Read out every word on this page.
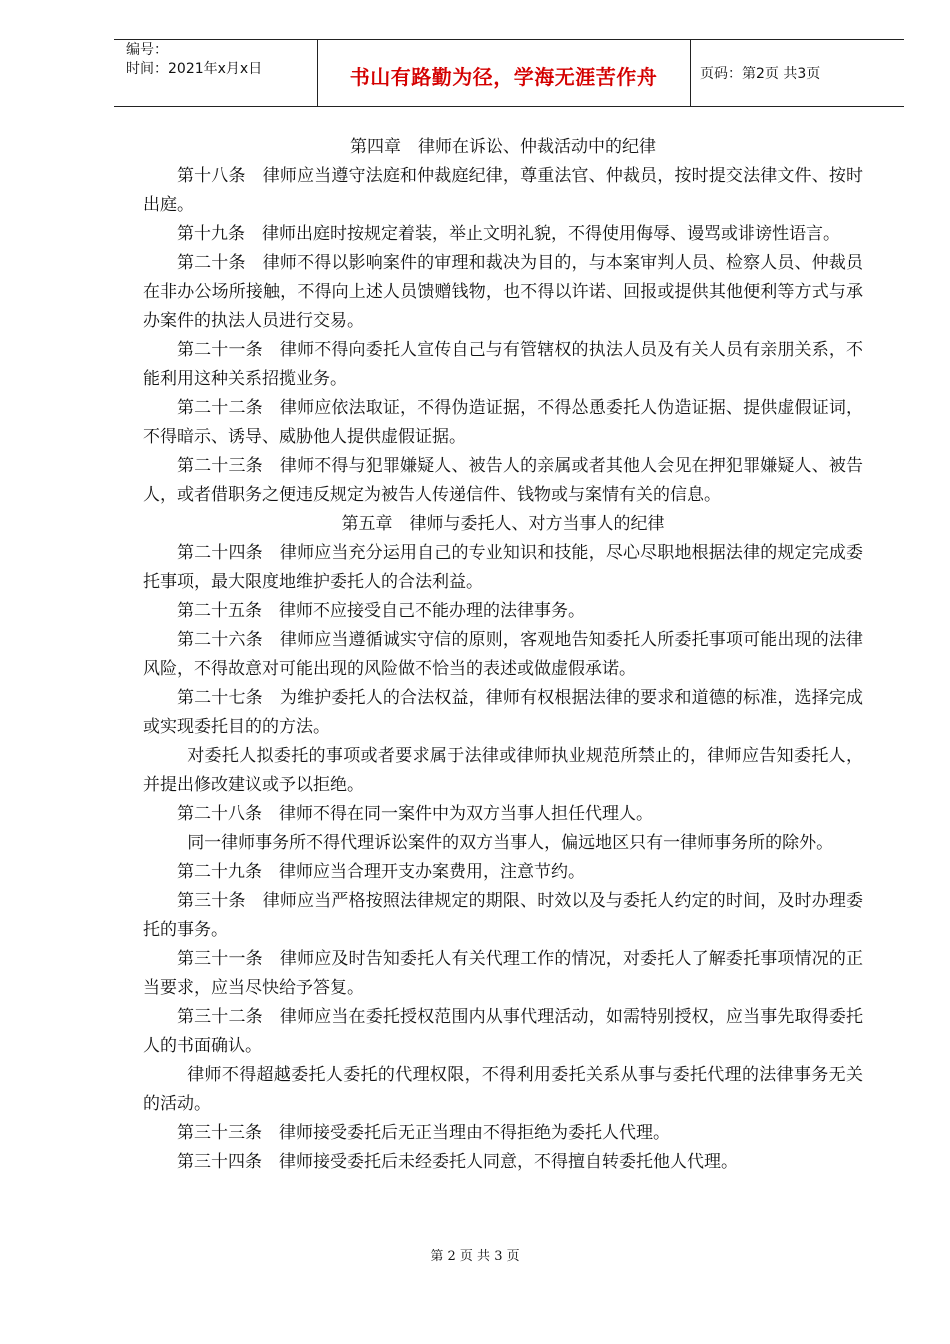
编号：
时间：2021年x月x日	书山有路勤为径，学海无涯苦作舟	页码：第2页 共3页
第四章　律师在诉讼、仲裁活动中的纪律

第十八条　律师应当遵守法庭和仲裁庭纪律，尊重法官、仲裁员，按时提交法律文件、按时出庭。

第十九条　律师出庭时按规定着装，举止文明礼貌，不得使用侮辱、谩骂或诽谤性语言。

第二十条　律师不得以影响案件的审理和裁决为目的，与本案审判人员、检察人员、仲裁员在非办公场所接触，不得向上述人员馈赠钱物，也不得以许诺、回报或提供其他便利等方式与承办案件的执法人员进行交易。

第二十一条　律师不得向委托人宣传自己与有管辖权的执法人员及有关人员有亲朋关系，不能利用这种关系招揽业务。

第二十二条　律师应依法取证，不得伪造证据，不得怂恿委托人伪造证据、提供虚假证词，不得暗示、诱导、威胁他人提供虚假证据。

第二十三条　律师不得与犯罪嫌疑人、被告人的亲属或者其他人会见在押犯罪嫌疑人、被告人，或者借职务之便违反规定为被告人传递信件、钱物或与案情有关的信息。

第五章　律师与委托人、对方当事人的纪律

第二十四条　律师应当充分运用自己的专业知识和技能，尽心尽职地根据法律的规定完成委托事项，最大限度地维护委托人的合法利益。

第二十五条　律师不应接受自己不能办理的法律事务。

第二十六条　律师应当遵循诚实守信的原则，客观地告知委托人所委托事项可能出现的法律风险，不得故意对可能出现的风险做不恰当的表述或做虚假承诺。

第二十七条　为维护委托人的合法权益，律师有权根据法律的要求和道德的标准，选择完成或实现委托目的的方法。

对委托人拟委托的事项或者要求属于法律或律师执业规范所禁止的，律师应告知委托人，并提出修改建议或予以拒绝。

第二十八条　律师不得在同一案件中为双方当事人担任代理人。

同一律师事务所不得代理诉讼案件的双方当事人，偏远地区只有一律师事务所的除外。

第二十九条　律师应当合理开支办案费用，注意节约。

第三十条　律师应当严格按照法律规定的期限、时效以及与委托人约定的时间，及时办理委托的事务。

第三十一条　律师应及时告知委托人有关代理工作的情况，对委托人了解委托事项情况的正当要求，应当尽快给予答复。

第三十二条　律师应当在委托授权范围内从事代理活动，如需特别授权，应当事先取得委托人的书面确认。

律师不得超越委托人委托的代理权限，不得利用委托关系从事与委托代理的法律事务无关的活动。

第三十三条　律师接受委托后无正当理由不得拒绝为委托人代理。

第三十四条　律师接受委托后未经委托人同意，不得擅自转委托他人代理。

第 2 页 共 3 页
